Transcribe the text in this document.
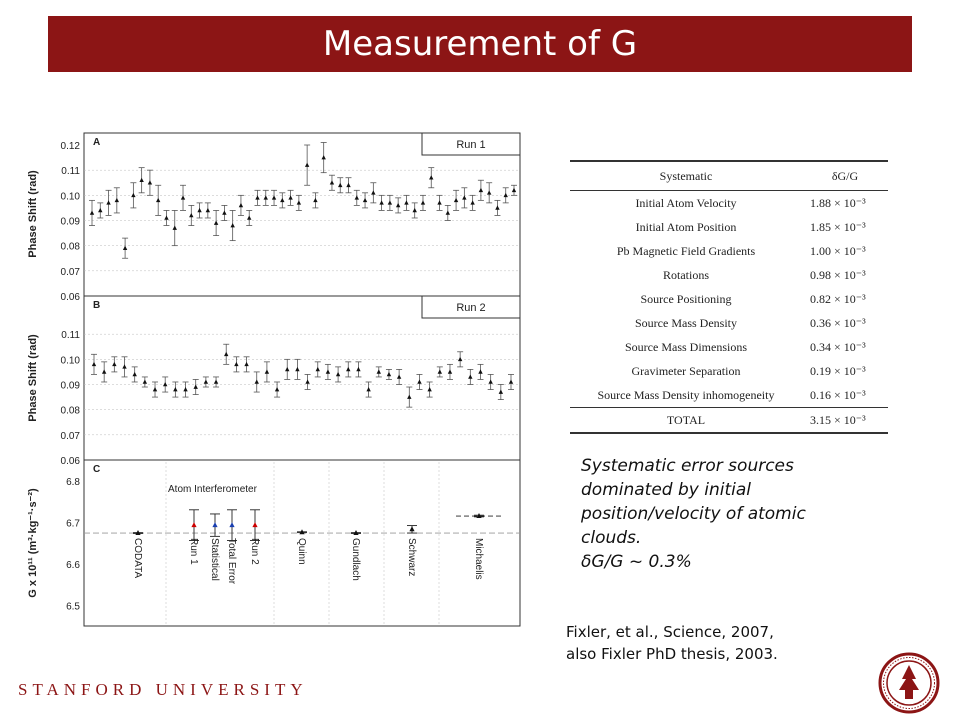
Measurement of G
A	Run 1
0.12
0.11
0.10
0.09
0.08
0.07
0.06
Phase Shift (rad)
B	Run 2
0.11
0.10
0.09
0.08
0.07
0.06
Phase Shift (rad)
C
6.8
6.7
6.6
6.5
Atom Interferometer
G x 10¹¹ (m³·kg⁻¹·s⁻²)	CODATA	Run 1 Statistical Total Error Run 2	Quinn	Gundlach	Schwarz	Michaelis
Systematic	δG/G
Initial Atom Velocity	1.88 × 10⁻³
Initial Atom Position	1.85 × 10⁻³
Pb Magnetic Field Gradients	1.00 × 10⁻³
Rotations	0.98 × 10⁻³
Source Positioning	0.82 × 10⁻³
Source Mass Density	0.36 × 10⁻³
Source Mass Dimensions	0.34 × 10⁻³
Gravimeter Separation	0.19 × 10⁻³
Source Mass Density inhomogeneity	0.16 × 10⁻³
TOTAL	3.15 × 10⁻³
Systematic error sources
dominated by initial
position/velocity of atomic
clouds.
δG/G ~ 0.3%
Fixler, et al., Science, 2007,
also Fixler PhD thesis, 2003.
STANFORD UNIVERSITY
